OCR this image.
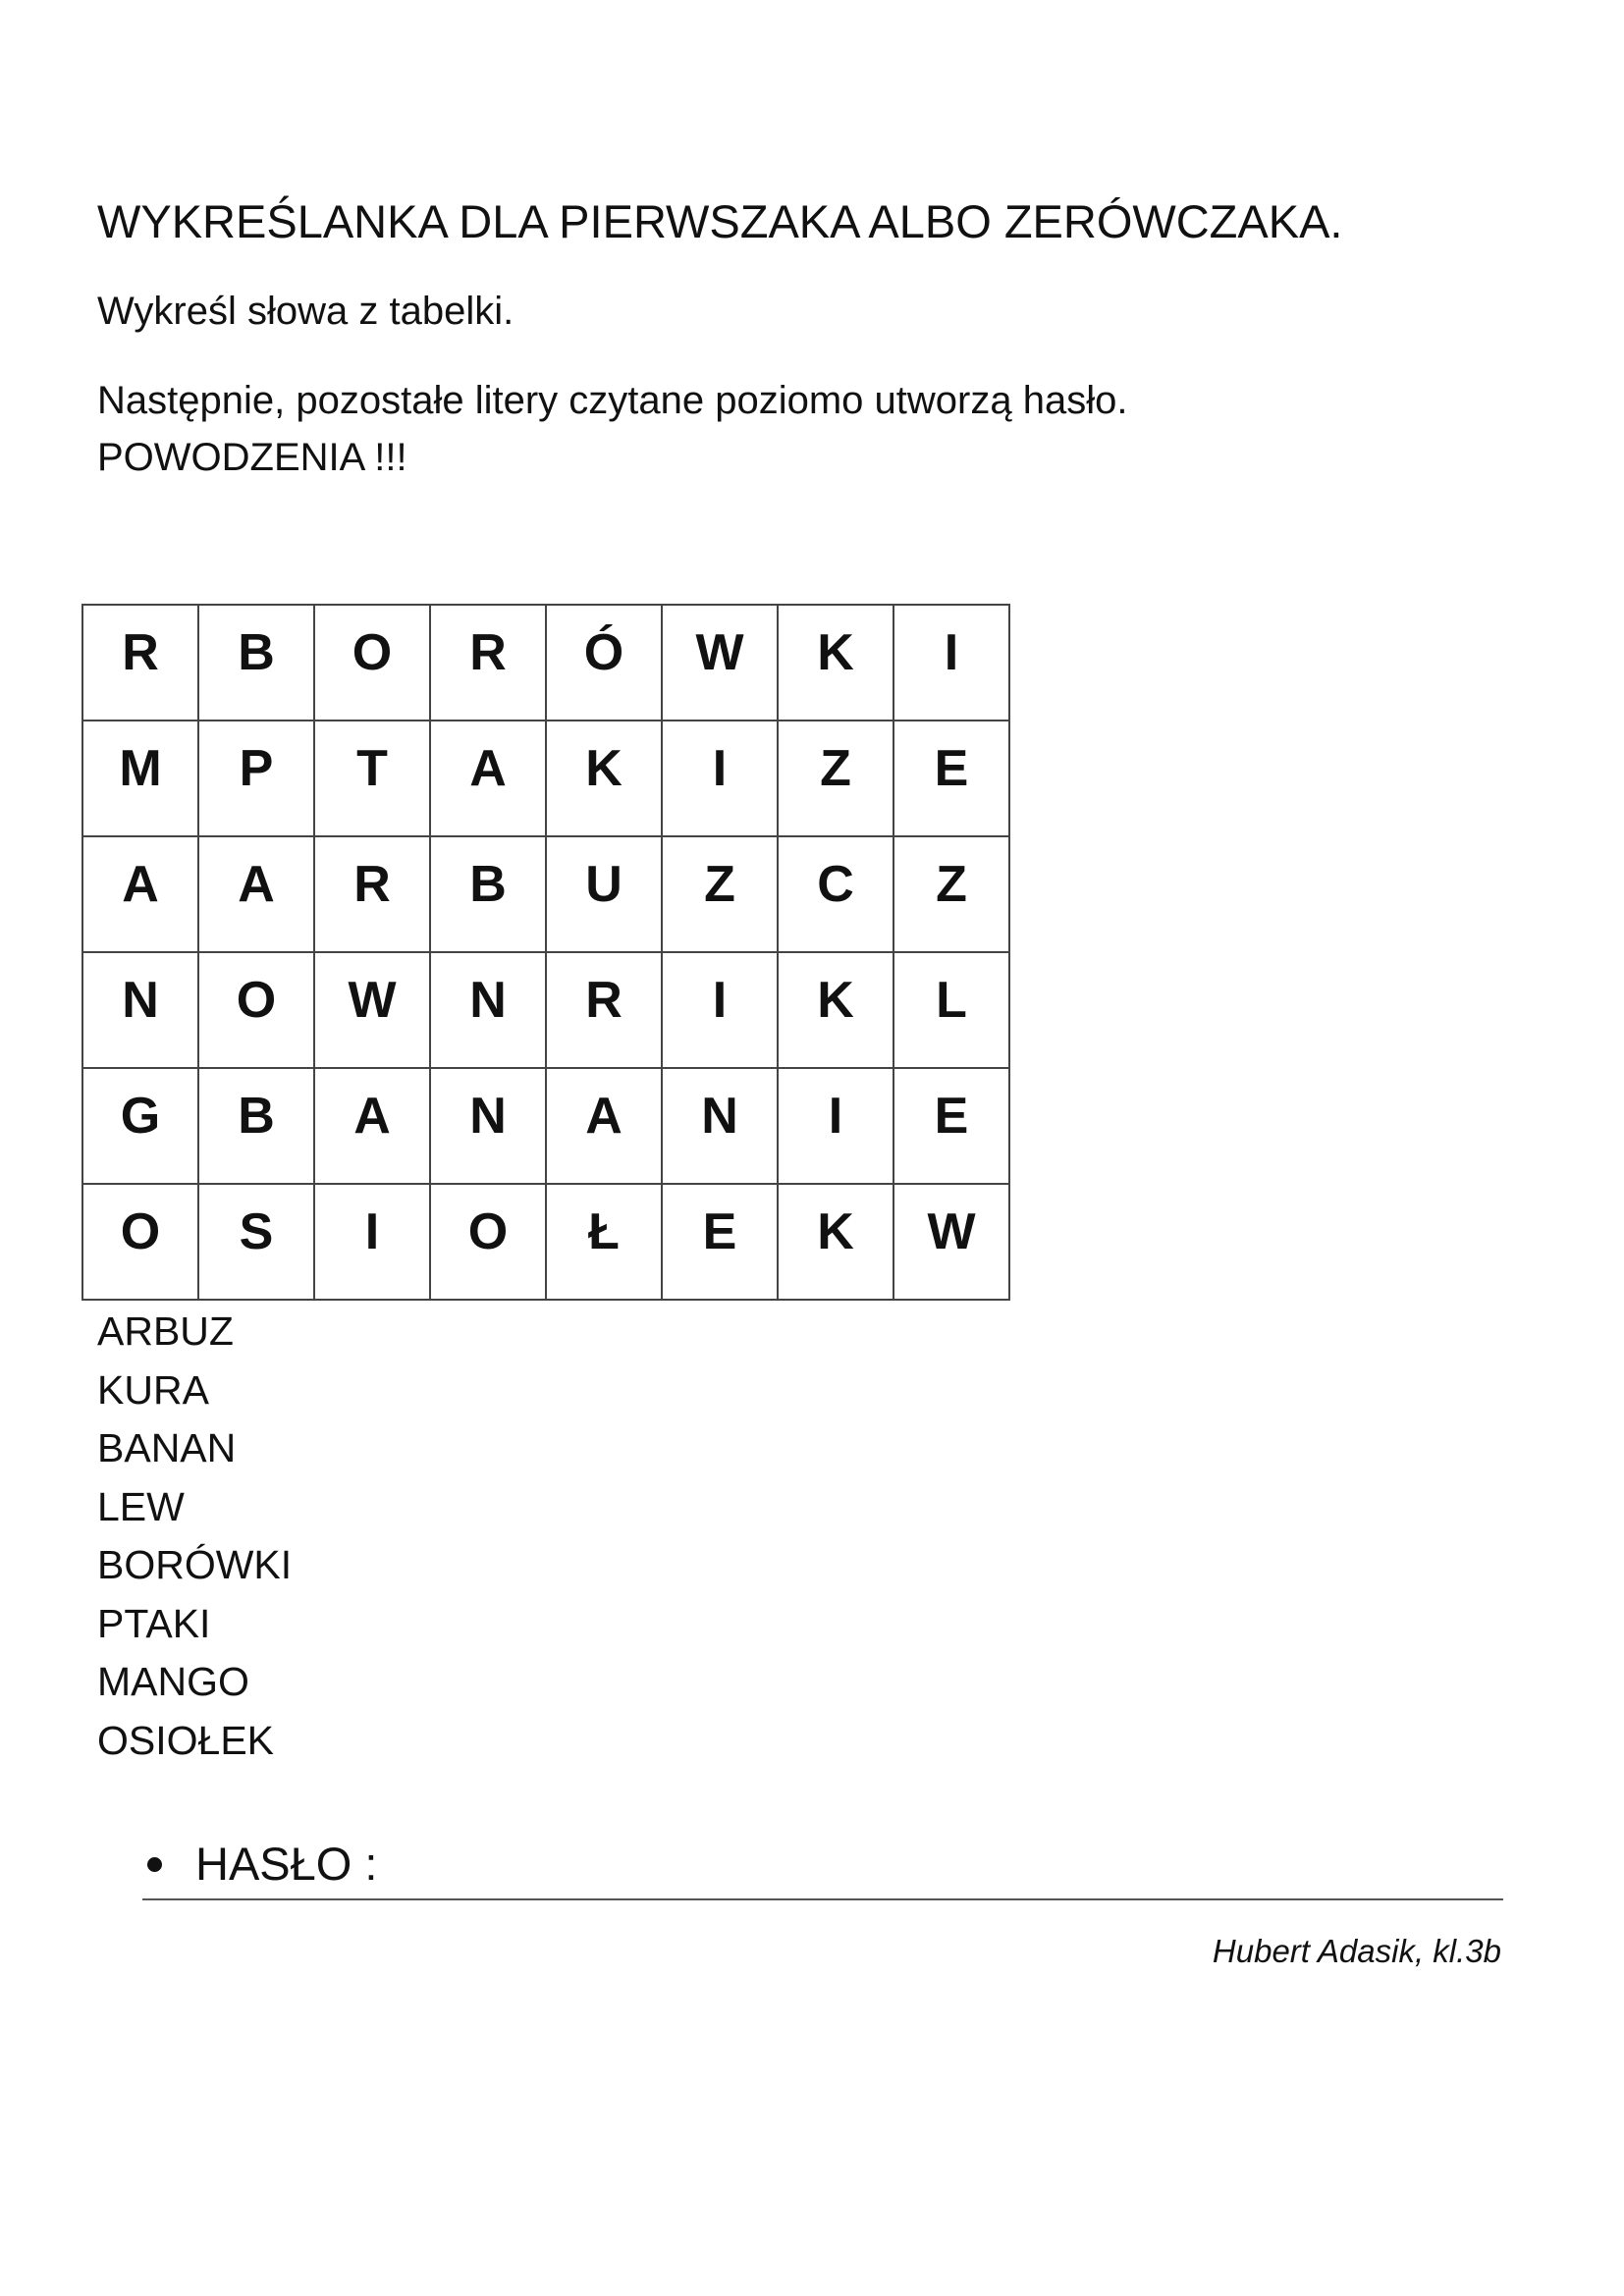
WYKREŚLANKA DLA PIERWSZAKA ALBO ZERÓWCZAKA.
Wykreśl słowa z tabelki.
Następnie, pozostałe litery czytane poziomo utworzą hasło.
POWODZENIA !!!
R	B	O	R	Ó	W	K	I

M	P	T	A	K	I	Z	E

A	A	R	B	U	Z	C	Z

N	O	W	N	R	I	K	L

G	B	A	N	A	N	I	E

O	S	I	O	Ł	E	K	W
ARBUZ
KURA
BANAN
LEW
BORÓWKI
PTAKI
MANGO
OSIOŁEK
HASŁO :
Hubert Adasik, kl.3b
